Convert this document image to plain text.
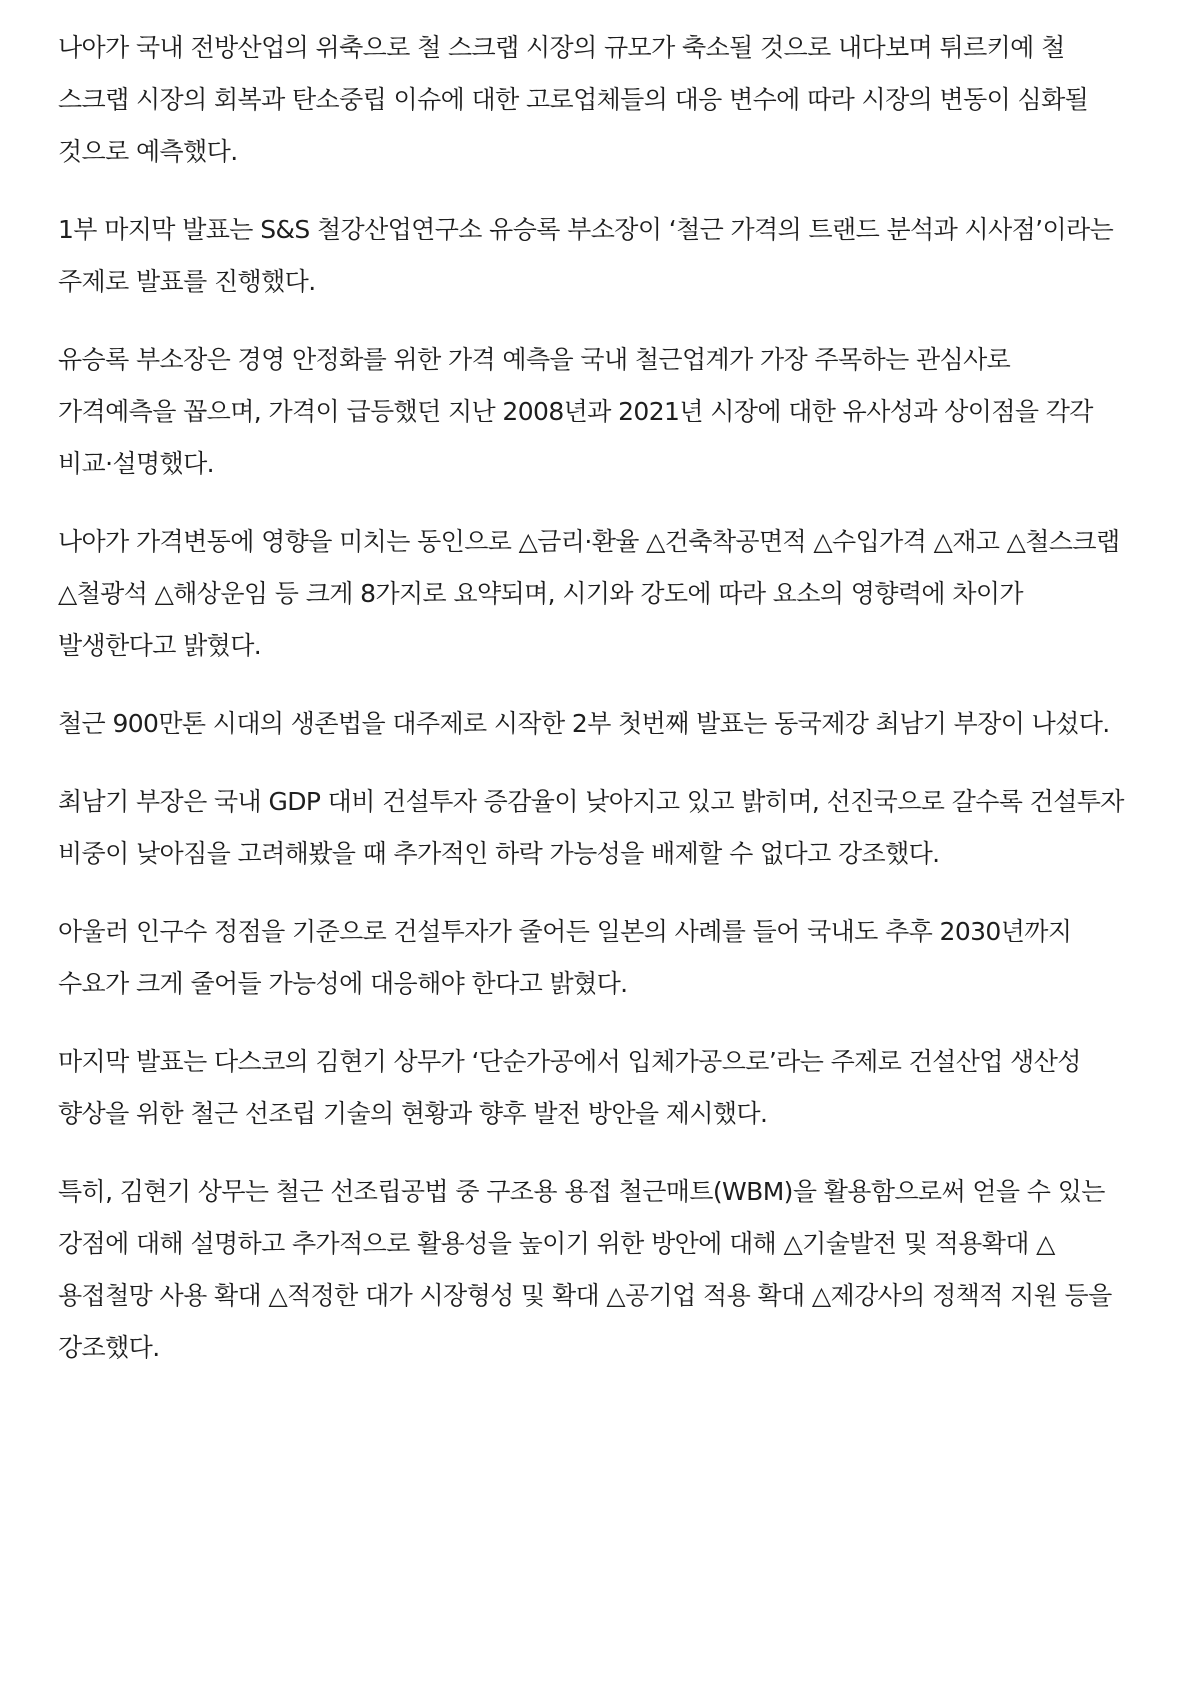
나아가 국내 전방산업의 위축으로 철 스크랩 시장의 규모가 축소될 것으로 내다보며 튀르키예 철 스크랩 시장의 회복과 탄소중립 이슈에 대한 고로업체들의 대응 변수에 따라 시장의 변동이 심화될 것으로 예측했다.

1부 마지막 발표는 S&S 철강산업연구소 유승록 부소장이 ‘철근 가격의 트랜드 분석과 시사점’이라는 주제로 발표를 진행했다.

유승록 부소장은 경영 안정화를 위한 가격 예측을 국내 철근업계가 가장 주목하는 관심사로 가격예측을 꼽으며, 가격이 급등했던 지난 2008년과 2021년 시장에 대한 유사성과 상이점을 각각 비교·설명했다.

나아가 가격변동에 영향을 미치는 동인으로 △금리·환율 △건축착공면적 △수입가격 △재고 △철스크랩 △철광석 △해상운임 등 크게 8가지로 요약되며, 시기와 강도에 따라 요소의 영향력에 차이가 발생한다고 밝혔다.

철근 900만톤 시대의 생존법을 대주제로 시작한 2부 첫번째 발표는 동국제강 최남기 부장이 나섰다.

최남기 부장은 국내 GDP 대비 건설투자 증감율이 낮아지고 있고 밝히며, 선진국으로 갈수록 건설투자 비중이 낮아짐을 고려해봤을 때 추가적인 하락 가능성을 배제할 수 없다고 강조했다.

아울러 인구수 정점을 기준으로 건설투자가 줄어든 일본의 사례를 들어 국내도 추후 2030년까지 수요가 크게 줄어들 가능성에 대응해야 한다고 밝혔다.

마지막 발표는 다스코의 김현기 상무가 ‘단순가공에서 입체가공으로’라는 주제로 건설산업 생산성 향상을 위한 철근 선조립 기술의 현황과 향후 발전 방안을 제시했다.

특히, 김현기 상무는 철근 선조립공법 중 구조용 용접 철근매트(WBM)을 활용함으로써 얻을 수 있는 강점에 대해 설명하고 추가적으로 활용성을 높이기 위한 방안에 대해 △기술발전 및 적용확대 △용접철망 사용 확대 △적정한 대가 시장형성 및 확대 △공기업 적용 확대 △제강사의 정책적 지원 등을 강조했다.
